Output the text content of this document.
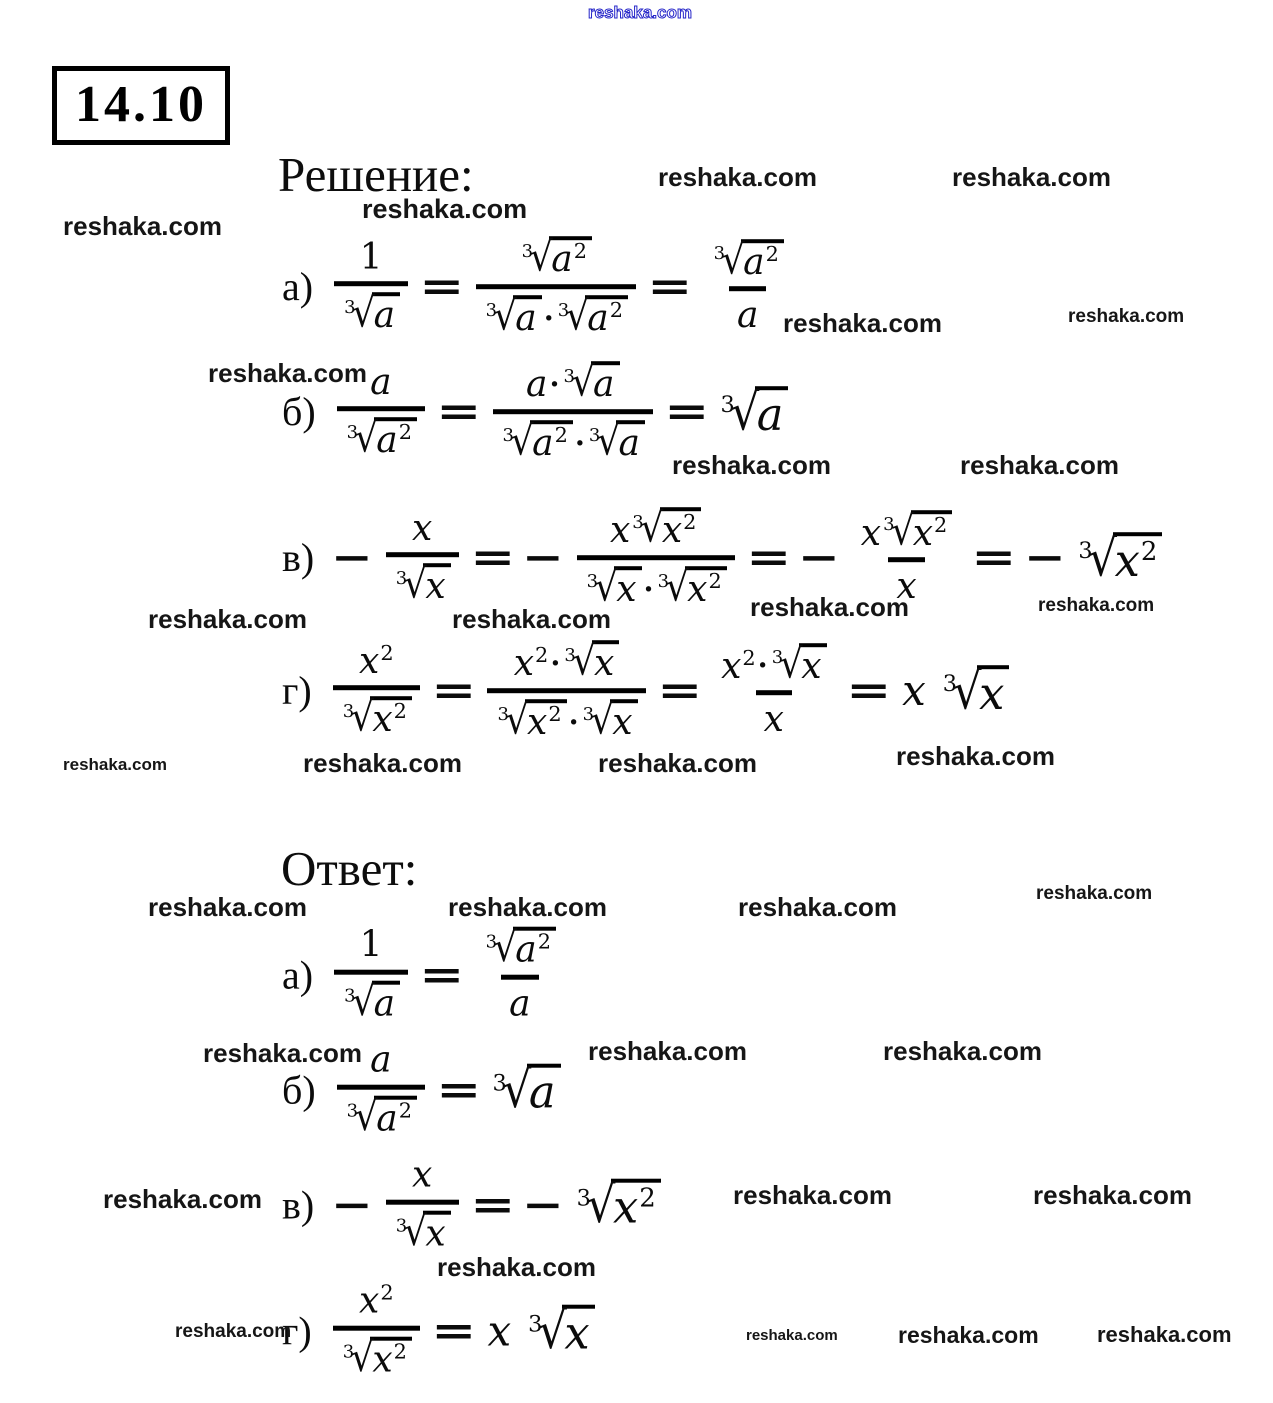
reshaka.com
14.10
Решение:
$а) \frac{1}{^3√a} = \frac{^3√a^2}{^3√a \cdot ^3√a^2} = \frac{^3√a^2}{a}$
$б) \frac{a}{^3√a^2} = \frac{a\cdot ^3√a}{^3√a^2 \cdot ^3√a} = ^3√a$
$в) - \frac{x}{^3√x}$ = − $\frac{x ^3√x^2}{^3√x \cdot ^3√x^2}$ = − $\frac{x ^3√x^2}{x}$ = − $^3√x^2$
$г) \frac{x^2}{^3√x^2} = \frac{x^2\cdot ^3√x}{^3√x^2 \cdot ^3√x} = \frac{x^2\cdot ^3√x}{x} = x$ $^3$√x
Ответ:
$а) \frac{1}{^3√a} = \frac{^3√a^2}{a}$
$б) \frac{a}{^3√a^2} = ^3√a$
$в) - \frac{x}{^3√x}$ = − $^3√x^2$
$г) \frac{x^2}{^3√x^2} = x$ $^3$√x
reshaka.com	reshaka.com
reshaka.com
reshaka.com
reshaka.com	reshaka.com
reshaka.com
reshaka.com	reshaka.com
reshaka.com	reshaka.com	reshaka.com	reshaka.com
reshaka.com	reshaka.com	reshaka.com	reshaka.com
reshaka.com	reshaka.com	reshaka.com	reshaka.com
reshaka.com	reshaka.com	reshaka.com
reshaka.com	reshaka.com	reshaka.com
reshaka.com
reshaka.com	reshaka.com	reshaka.com	reshaka.com
